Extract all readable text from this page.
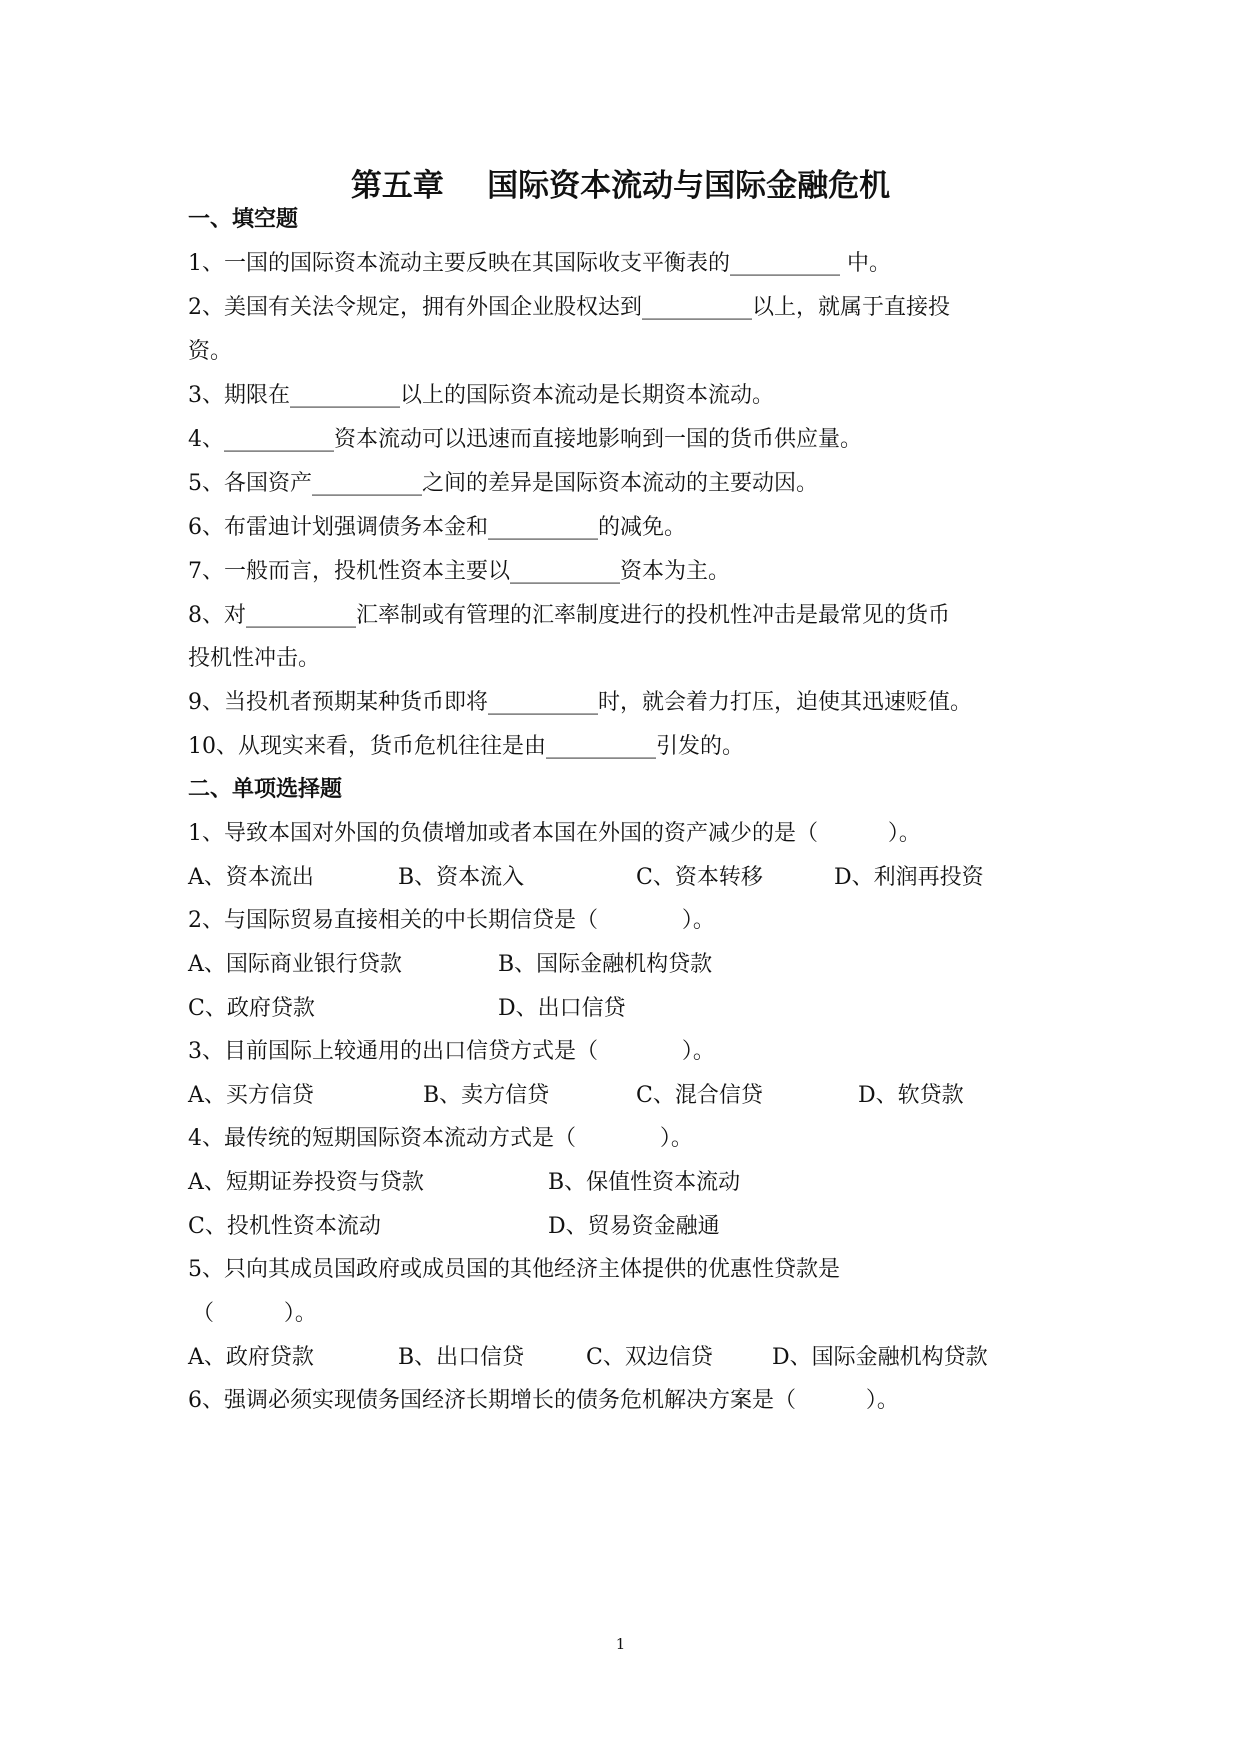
第五章    国际资本流动与国际金融危机
一、填空题
1、一国的国际资本流动主要反映在其国际收支平衡表的__________ 中。
2、美国有关法令规定，拥有外国企业股权达到__________以上，就属于直接投
资。
3、期限在__________以上的国际资本流动是长期资本流动。
4、__________资本流动可以迅速而直接地影响到一国的货币供应量。
5、各国资产__________之间的差异是国际资本流动的主要动因。
6、布雷迪计划强调债务本金和__________的减免。
7、一般而言，投机性资本主要以__________资本为主。
8、对__________汇率制或有管理的汇率制度进行的投机性冲击是最常见的货币
投机性冲击。
9、当投机者预期某种货币即将__________时，就会着力打压，迫使其迅速贬值。
10、从现实来看，货币危机往往是由__________引发的。
二、单项选择题
1、导致本国对外国的负债增加或者本国在外国的资产减少的是（          ）。
A、资本流出	B、资本流入	C、资本转移	D、利润再投资
2、与国际贸易直接相关的中长期信贷是（            ）。
A、国际商业银行贷款	B、国际金融机构贷款
C、政府贷款	D、出口信贷
3、目前国际上较通用的出口信贷方式是（            ）。
A、买方信贷	B、卖方信贷	C、混合信贷	D、软贷款
4、最传统的短期国际资本流动方式是（            ）。
A、短期证券投资与贷款	B、保值性资本流动
C、投机性资本流动	D、贸易资金融通
5、只向其成员国政府或成员国的其他经济主体提供的优惠性贷款是
（          ）。
A、政府贷款	B、出口信贷	C、双边信贷	D、国际金融机构贷款
6、强调必须实现债务国经济长期增长的债务危机解决方案是（          ）。
1
